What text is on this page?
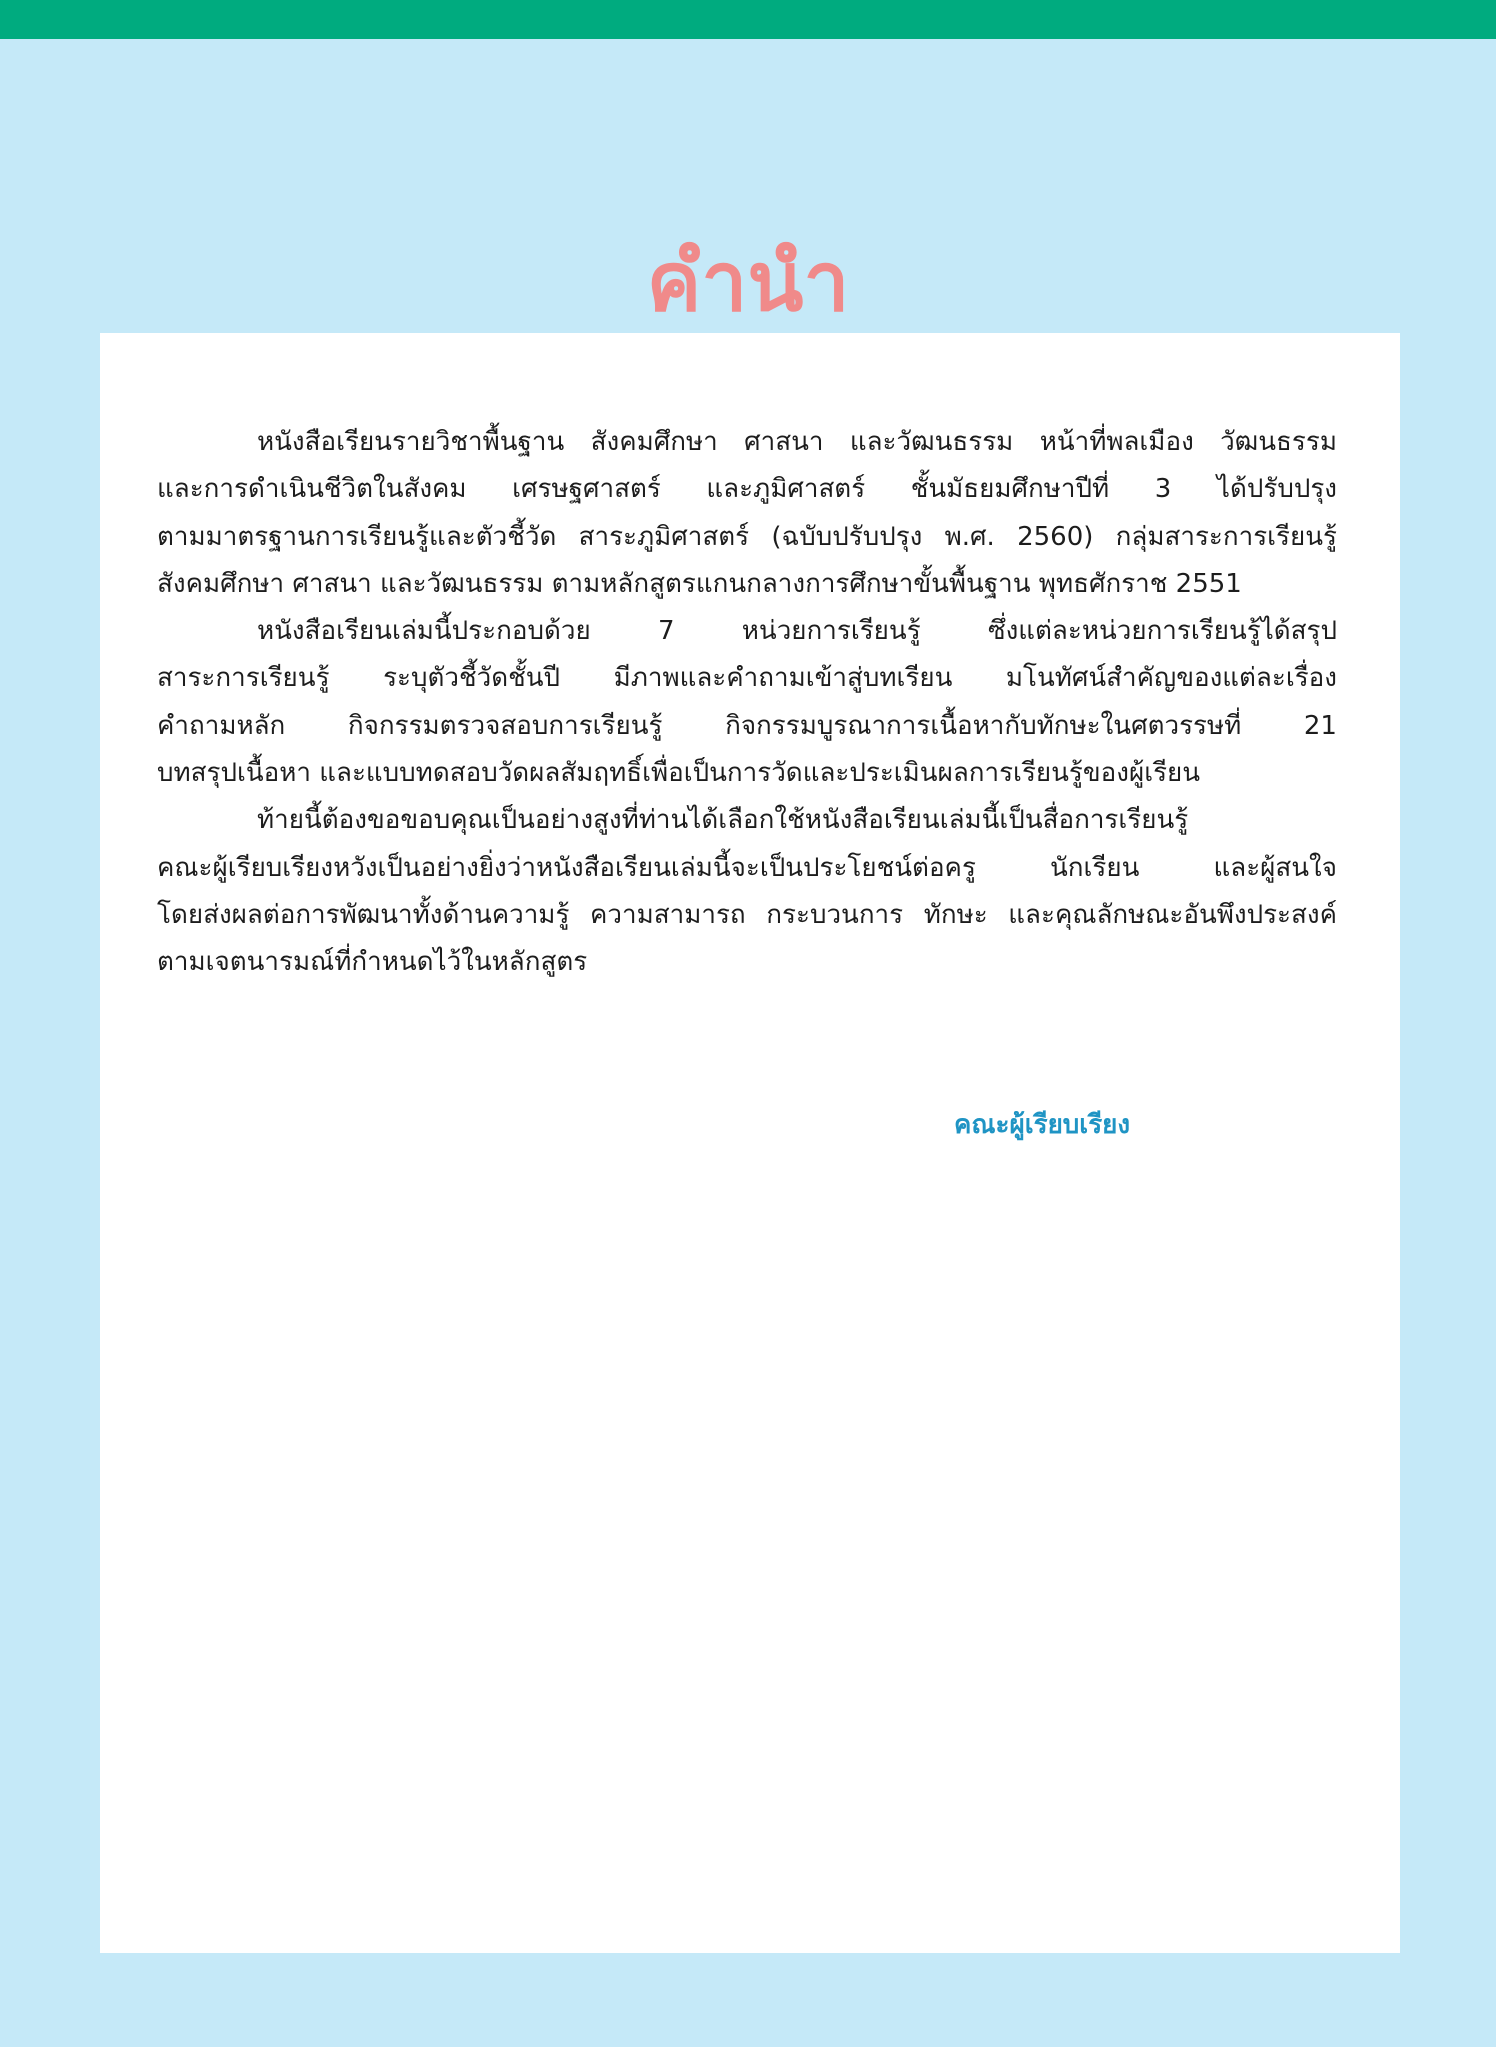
คำนำ
หนังสือเรียนรายวิชาพื้นฐาน สังคมศึกษา ศาสนา และวัฒนธรรม หน้าที่พลเมือง วัฒนธรรม
และการดำเนินชีวิตในสังคม เศรษฐศาสตร์ และภูมิศาสตร์ ชั้นมัธยมศึกษาปีที่ 3 ได้ปรับปรุง
ตามมาตรฐานการเรียนรู้และตัวชี้วัด สาระภูมิศาสตร์ (ฉบับปรับปรุง พ.ศ. 2560) กลุ่มสาระการเรียนรู้
สังคมศึกษา ศาสนา และวัฒนธรรม ตามหลักสูตรแกนกลางการศึกษาขั้นพื้นฐาน พุทธศักราช 2551
หนังสือเรียนเล่มนี้ประกอบด้วย	7	หน่วยการเรียนรู้	ซึ่งแต่ละหน่วยการเรียนรู้ได้สรุป
สาระการเรียนรู้ ระบุตัวชี้วัดชั้นปี มีภาพและคำถามเข้าสู่บทเรียน มโนทัศน์สำคัญของแต่ละเรื่อง
คำถามหลัก กิจกรรมตรวจสอบการเรียนรู้ กิจกรรมบูรณาการเนื้อหากับทักษะในศตวรรษที่ 21
บทสรุปเนื้อหา และแบบทดสอบวัดผลสัมฤทธิ์เพื่อเป็นการวัดและประเมินผลการเรียนรู้ของผู้เรียน
ท้ายนี้ต้องขอขอบคุณเป็นอย่างสูงที่ท่านได้เลือกใช้หนังสือเรียนเล่มนี้เป็นสื่อการเรียนรู้
คณะผู้เรียบเรียงหวังเป็นอย่างยิ่งว่าหนังสือเรียนเล่มนี้จะเป็นประโยชน์ต่อครู	นักเรียน	และผู้สนใจ
โดยส่งผลต่อการพัฒนาทั้งด้านความรู้ ความสามารถ กระบวนการ ทักษะ และคุณลักษณะอันพึงประสงค์
ตามเจตนารมณ์ที่กำหนดไว้ในหลักสูตร
คณะผู้เรียบเรียง
